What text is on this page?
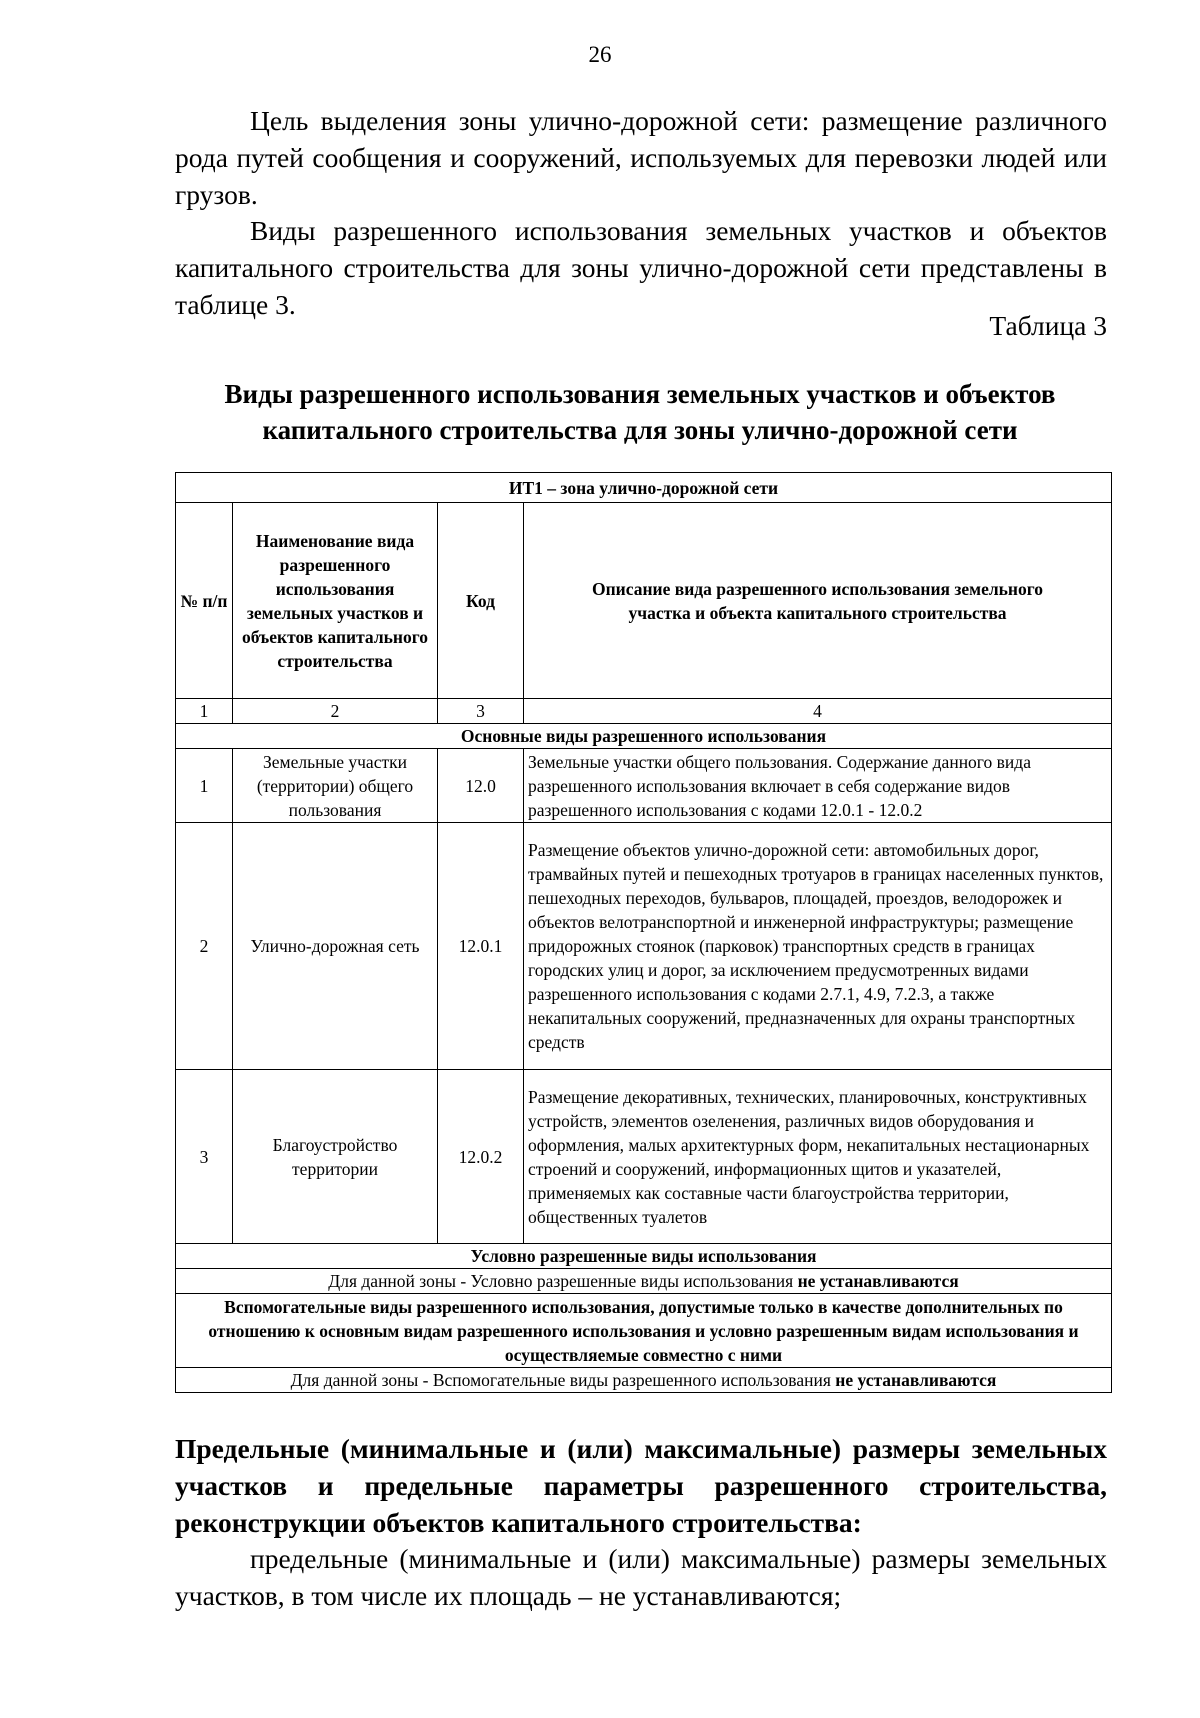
26

Цель выделения зоны улично-дорожной сети: размещение различного рода путей сообщения и сооружений, используемых для перевозки людей или грузов.

Виды разрешенного использования земельных участков и объектов капитального строительства для зоны улично-дорожной сети представлены в таблице 3.

Таблица 3
Виды разрешенного использования земельных участков и объектов
капитального строительства для зоны улично-дорожной сети
ИТ1 – зона улично-дорожной сети			
№ п/п	Наименование вида разрешенного использования земельных участков и объектов капитального строительства	Код	Описание вида разрешенного использования земельного участка и объекта капитального строительства
1	2	3	4
Основные виды разрешенного использования			
1	Земельные участки (территории) общего пользования	12.0	Земельные участки общего пользования. Содержание данного вида разрешенного использования включает в себя содержание видов разрешенного использования с кодами 12.0.1 - 12.0.2
2	Улично-дорожная сеть	12.0.1	Размещение объектов улично-дорожной сети: автомобильных дорог, трамвайных путей и пешеходных тротуаров в границах населенных пунктов, пешеходных переходов, бульваров, площадей, проездов, велодорожек и объектов велотранспортной и инженерной инфраструктуры; размещение придорожных стоянок (парковок) транспортных средств в границах городских улиц и дорог, за исключением предусмотренных видами разрешенного использования с кодами 2.7.1, 4.9, 7.2.3, а также некапитальных сооружений, предназначенных для охраны транспортных средств
3	Благоустройство территории	12.0.2	Размещение декоративных, технических, планировочных, конструктивных устройств, элементов озеленения, различных видов оборудования и оформления, малых архитектурных форм, некапитальных нестационарных строений и сооружений, информационных щитов и указателей, применяемых как составные части благоустройства территории, общественных туалетов
Условно разрешенные виды использования			
Для данной зоны - Условно разрешенные виды использования не устанавливаются			
Вспомогательные виды разрешенного использования, допустимые только в качестве дополнительных по отношению к основным видам разрешенного использования и условно разрешенным видам использования и осуществляемые совместно с ними			
Для данной зоны - Вспомогательные виды разрешенного использования не устанавливаются			

Предельные (минимальные и (или) максимальные) размеры земельных участков и предельные параметры разрешенного строительства, реконструкции объектов капитального строительства:

предельные (минимальные и (или) максимальные) размеры земельных участков, в том числе их площадь – не устанавливаются;
